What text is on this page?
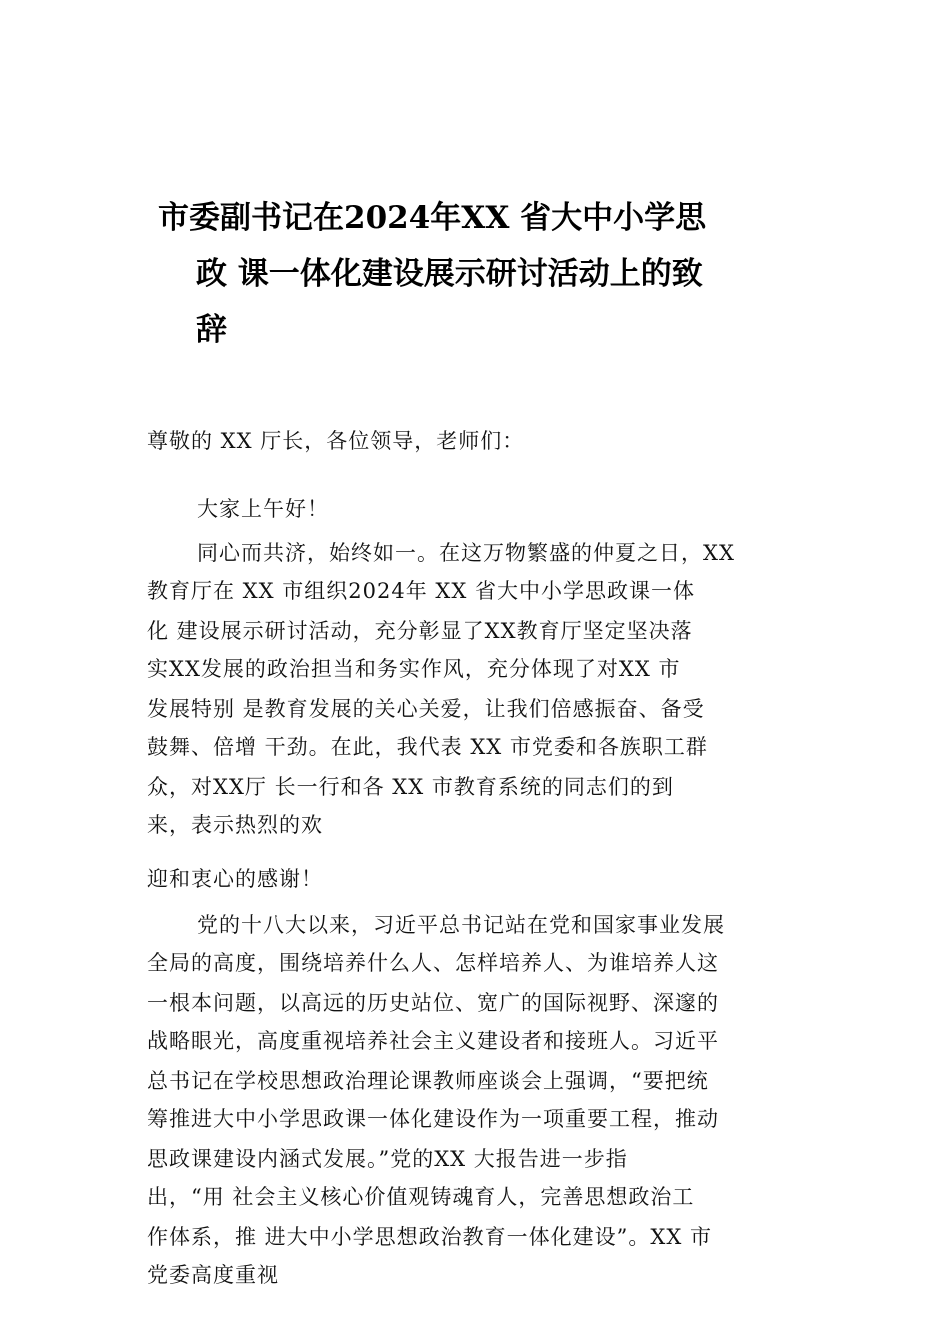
市委副书记在2024年XX 省大中小学思
政 课一体化建设展示研讨活动上的致
辞
尊敬的 XX 厅长，各位领导，老师们：
大家上午好！
同心而共济，始终如一。在这万物繁盛的仲夏之日，XX
教育厅在 XX 市组织2024年 XX 省大中小学思政课一体
化 建设展示研讨活动，充分彰显了XX教育厅坚定坚决落
实XX发展的政治担当和务实作风，充分体现了对XX 市
发展特别 是教育发展的关心关爱，让我们倍感振奋、备受
鼓舞、倍增 干劲。在此，我代表 XX 市党委和各族职工群
众，对XX厅 长一行和各 XX 市教育系统的同志们的到
来，表示热烈的欢
迎和衷心的感谢！
党的十八大以来，习近平总书记站在党和国家事业发展
全局的高度，围绕培养什么人、怎样培养人、为谁培养人这
一根本问题，以高远的历史站位、宽广的国际视野、深邃的
战略眼光，高度重视培养社会主义建设者和接班人。习近平
总书记在学校思想政治理论课教师座谈会上强调，“要把统
筹推进大中小学思政课一体化建设作为一项重要工程，推动
思政课建设内涵式发展。”党的XX 大报告进一步指
出，“用 社会主义核心价值观铸魂育人，完善思想政治工
作体系，推 进大中小学思想政治教育一体化建设”。XX 市
党委高度重视
